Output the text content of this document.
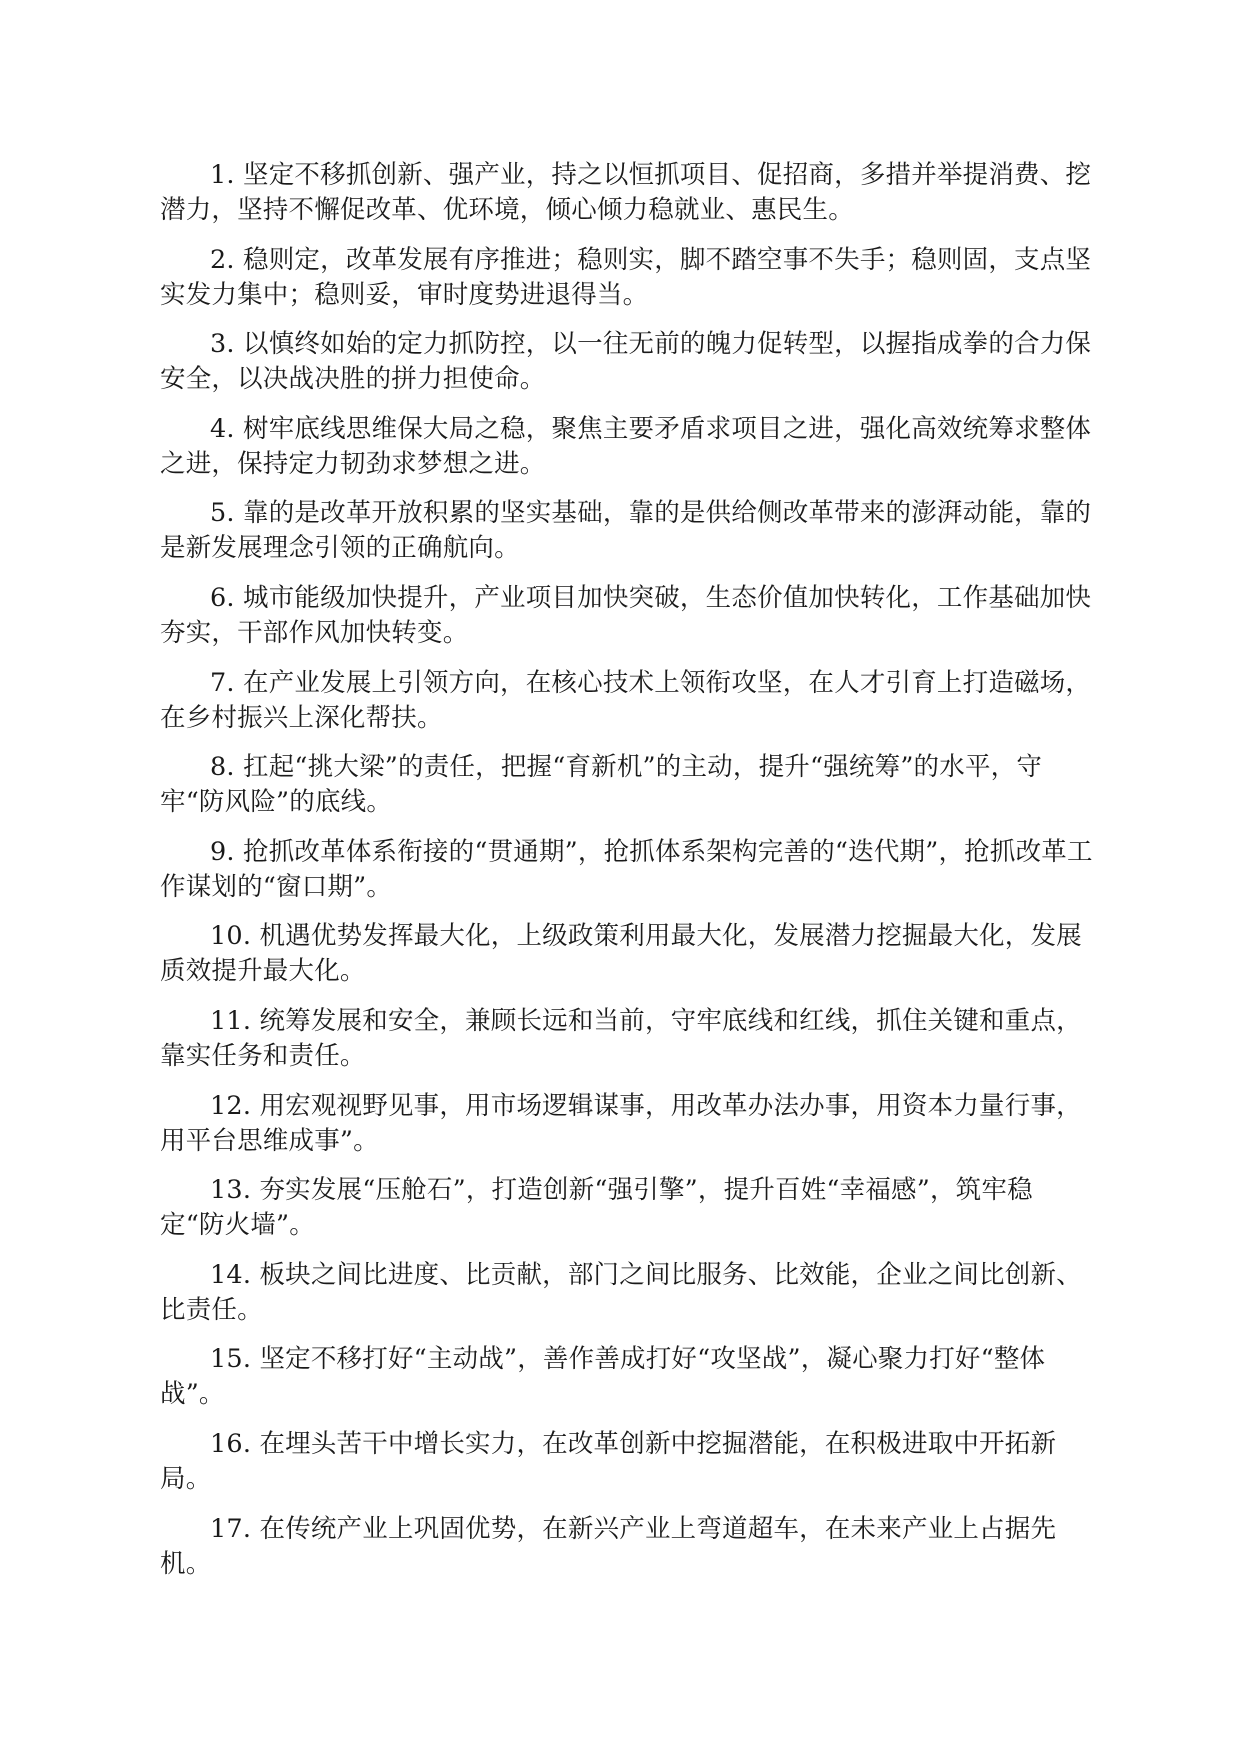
1. 坚定不移抓创新、强产业，持之以恒抓项目、促招商，多措并举提消费、挖潜力，坚持不懈促改革、优环境，倾心倾力稳就业、惠民生。

2. 稳则定，改革发展有序推进；稳则实，脚不踏空事不失手；稳则固，支点坚实发力集中；稳则妥，审时度势进退得当。

3. 以慎终如始的定力抓防控，以一往无前的魄力促转型，以握指成拳的合力保安全，以决战决胜的拼力担使命。

4. 树牢底线思维保大局之稳，聚焦主要矛盾求项目之进，强化高效统筹求整体之进，保持定力韧劲求梦想之进。

5. 靠的是改革开放积累的坚实基础，靠的是供给侧改革带来的澎湃动能，靠的是新发展理念引领的正确航向。

6. 城市能级加快提升，产业项目加快突破，生态价值加快转化，工作基础加快夯实，干部作风加快转变。

7. 在产业发展上引领方向，在核心技术上领衔攻坚，在人才引育上打造磁场，在乡村振兴上深化帮扶。

8. 扛起“挑大梁”的责任，把握“育新机”的主动，提升“强统筹”的水平，守牢“防风险”的底线。

9. 抢抓改革体系衔接的“贯通期”，抢抓体系架构完善的“迭代期”，抢抓改革工作谋划的“窗口期”。

10. 机遇优势发挥最大化，上级政策利用最大化，发展潜力挖掘最大化，发展质效提升最大化。

11. 统筹发展和安全，兼顾长远和当前，守牢底线和红线，抓住关键和重点，靠实任务和责任。

12. 用宏观视野见事，用市场逻辑谋事，用改革办法办事，用资本力量行事，用平台思维成事”。

13. 夯实发展“压舱石”，打造创新“强引擎”，提升百姓“幸福感”，筑牢稳定“防火墙”。

14. 板块之间比进度、比贡献，部门之间比服务、比效能，企业之间比创新、比责任。

15. 坚定不移打好“主动战”，善作善成打好“攻坚战”，凝心聚力打好“整体战”。

16. 在埋头苦干中增长实力，在改革创新中挖掘潜能，在积极进取中开拓新局。

17. 在传统产业上巩固优势，在新兴产业上弯道超车，在未来产业上占据先机。
